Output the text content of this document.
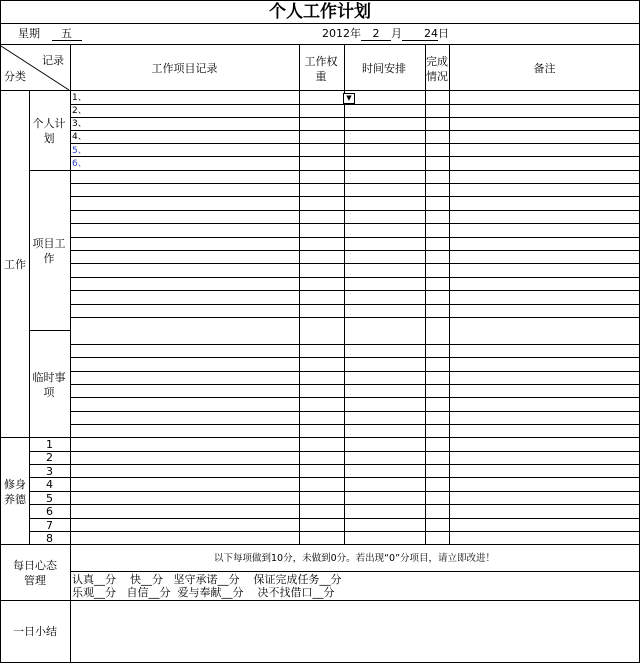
个人工作计划
星期 五	2012年 2 月 24日
记录
分类
工作项目记录
工作权重
时间安排
完成情况
备注
工作
个人计划
项目工作
临时事项
修身养德
每日心态管理
一日小结
1、
2、
3、
4、
5、
6、
▼
1
2
3
4
5
6
7
8
以下每项做到10分，未做到0分。若出现“0”分项目，请立即改进！
认真__分    快__分   坚守承诺__分    保证完成任务__分
乐观__分   自信__分  爱与奉献__分    决不找借口__分
